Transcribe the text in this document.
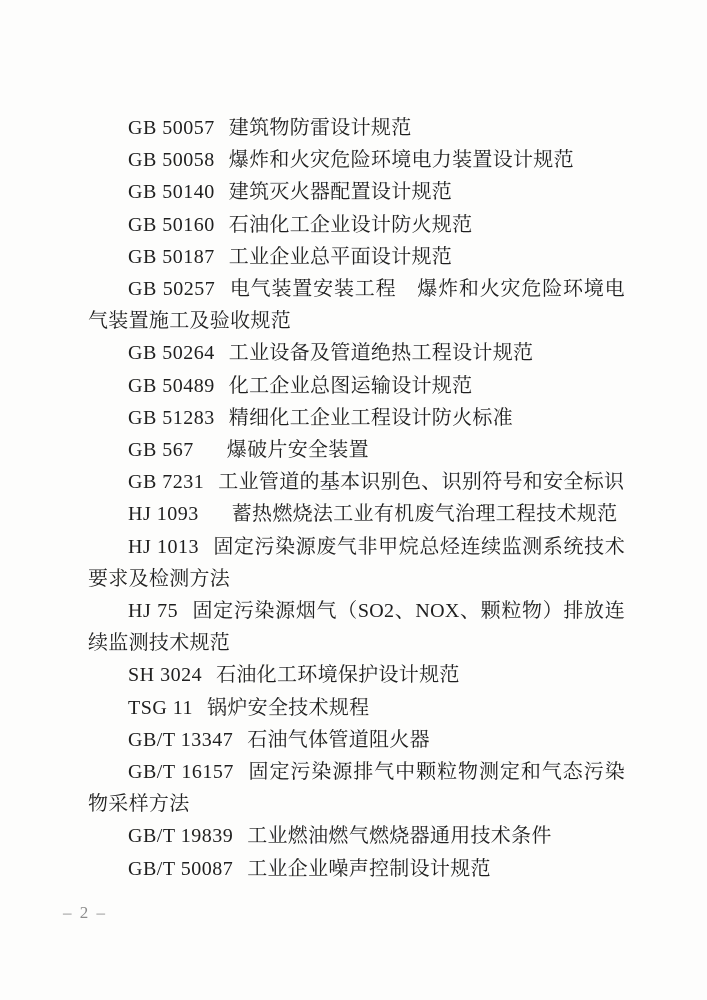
GB 50057 建筑物防雷设计规范

GB 50058 爆炸和火灾危险环境电力装置设计规范

GB 50140 建筑灭火器配置设计规范

GB 50160 石油化工企业设计防火规范

GB 50187 工业企业总平面设计规范

GB 50257 电气装置安装工程　爆炸和火灾危险环境电气装置施工及验收规范

GB 50264 工业设备及管道绝热工程设计规范

GB 50489 化工企业总图运输设计规范

GB 51283 精细化工企业工程设计防火标准

GB 567 爆破片安全装置

GB 7231 工业管道的基本识别色、识别符号和安全标识

HJ 1093 蓄热燃烧法工业有机废气治理工程技术规范

HJ 1013 固定污染源废气非甲烷总烃连续监测系统技术要求及检测方法

HJ 75 固定污染源烟气（SO2、NOX、颗粒物）排放连续监测技术规范

SH 3024 石油化工环境保护设计规范

TSG 11 锅炉安全技术规程

GB/T 13347 石油气体管道阻火器

GB/T 16157 固定污染源排气中颗粒物测定和气态污染物采样方法

GB/T 19839 工业燃油燃气燃烧器通用技术条件

GB/T 50087 工业企业噪声控制设计规范

– 2 –
